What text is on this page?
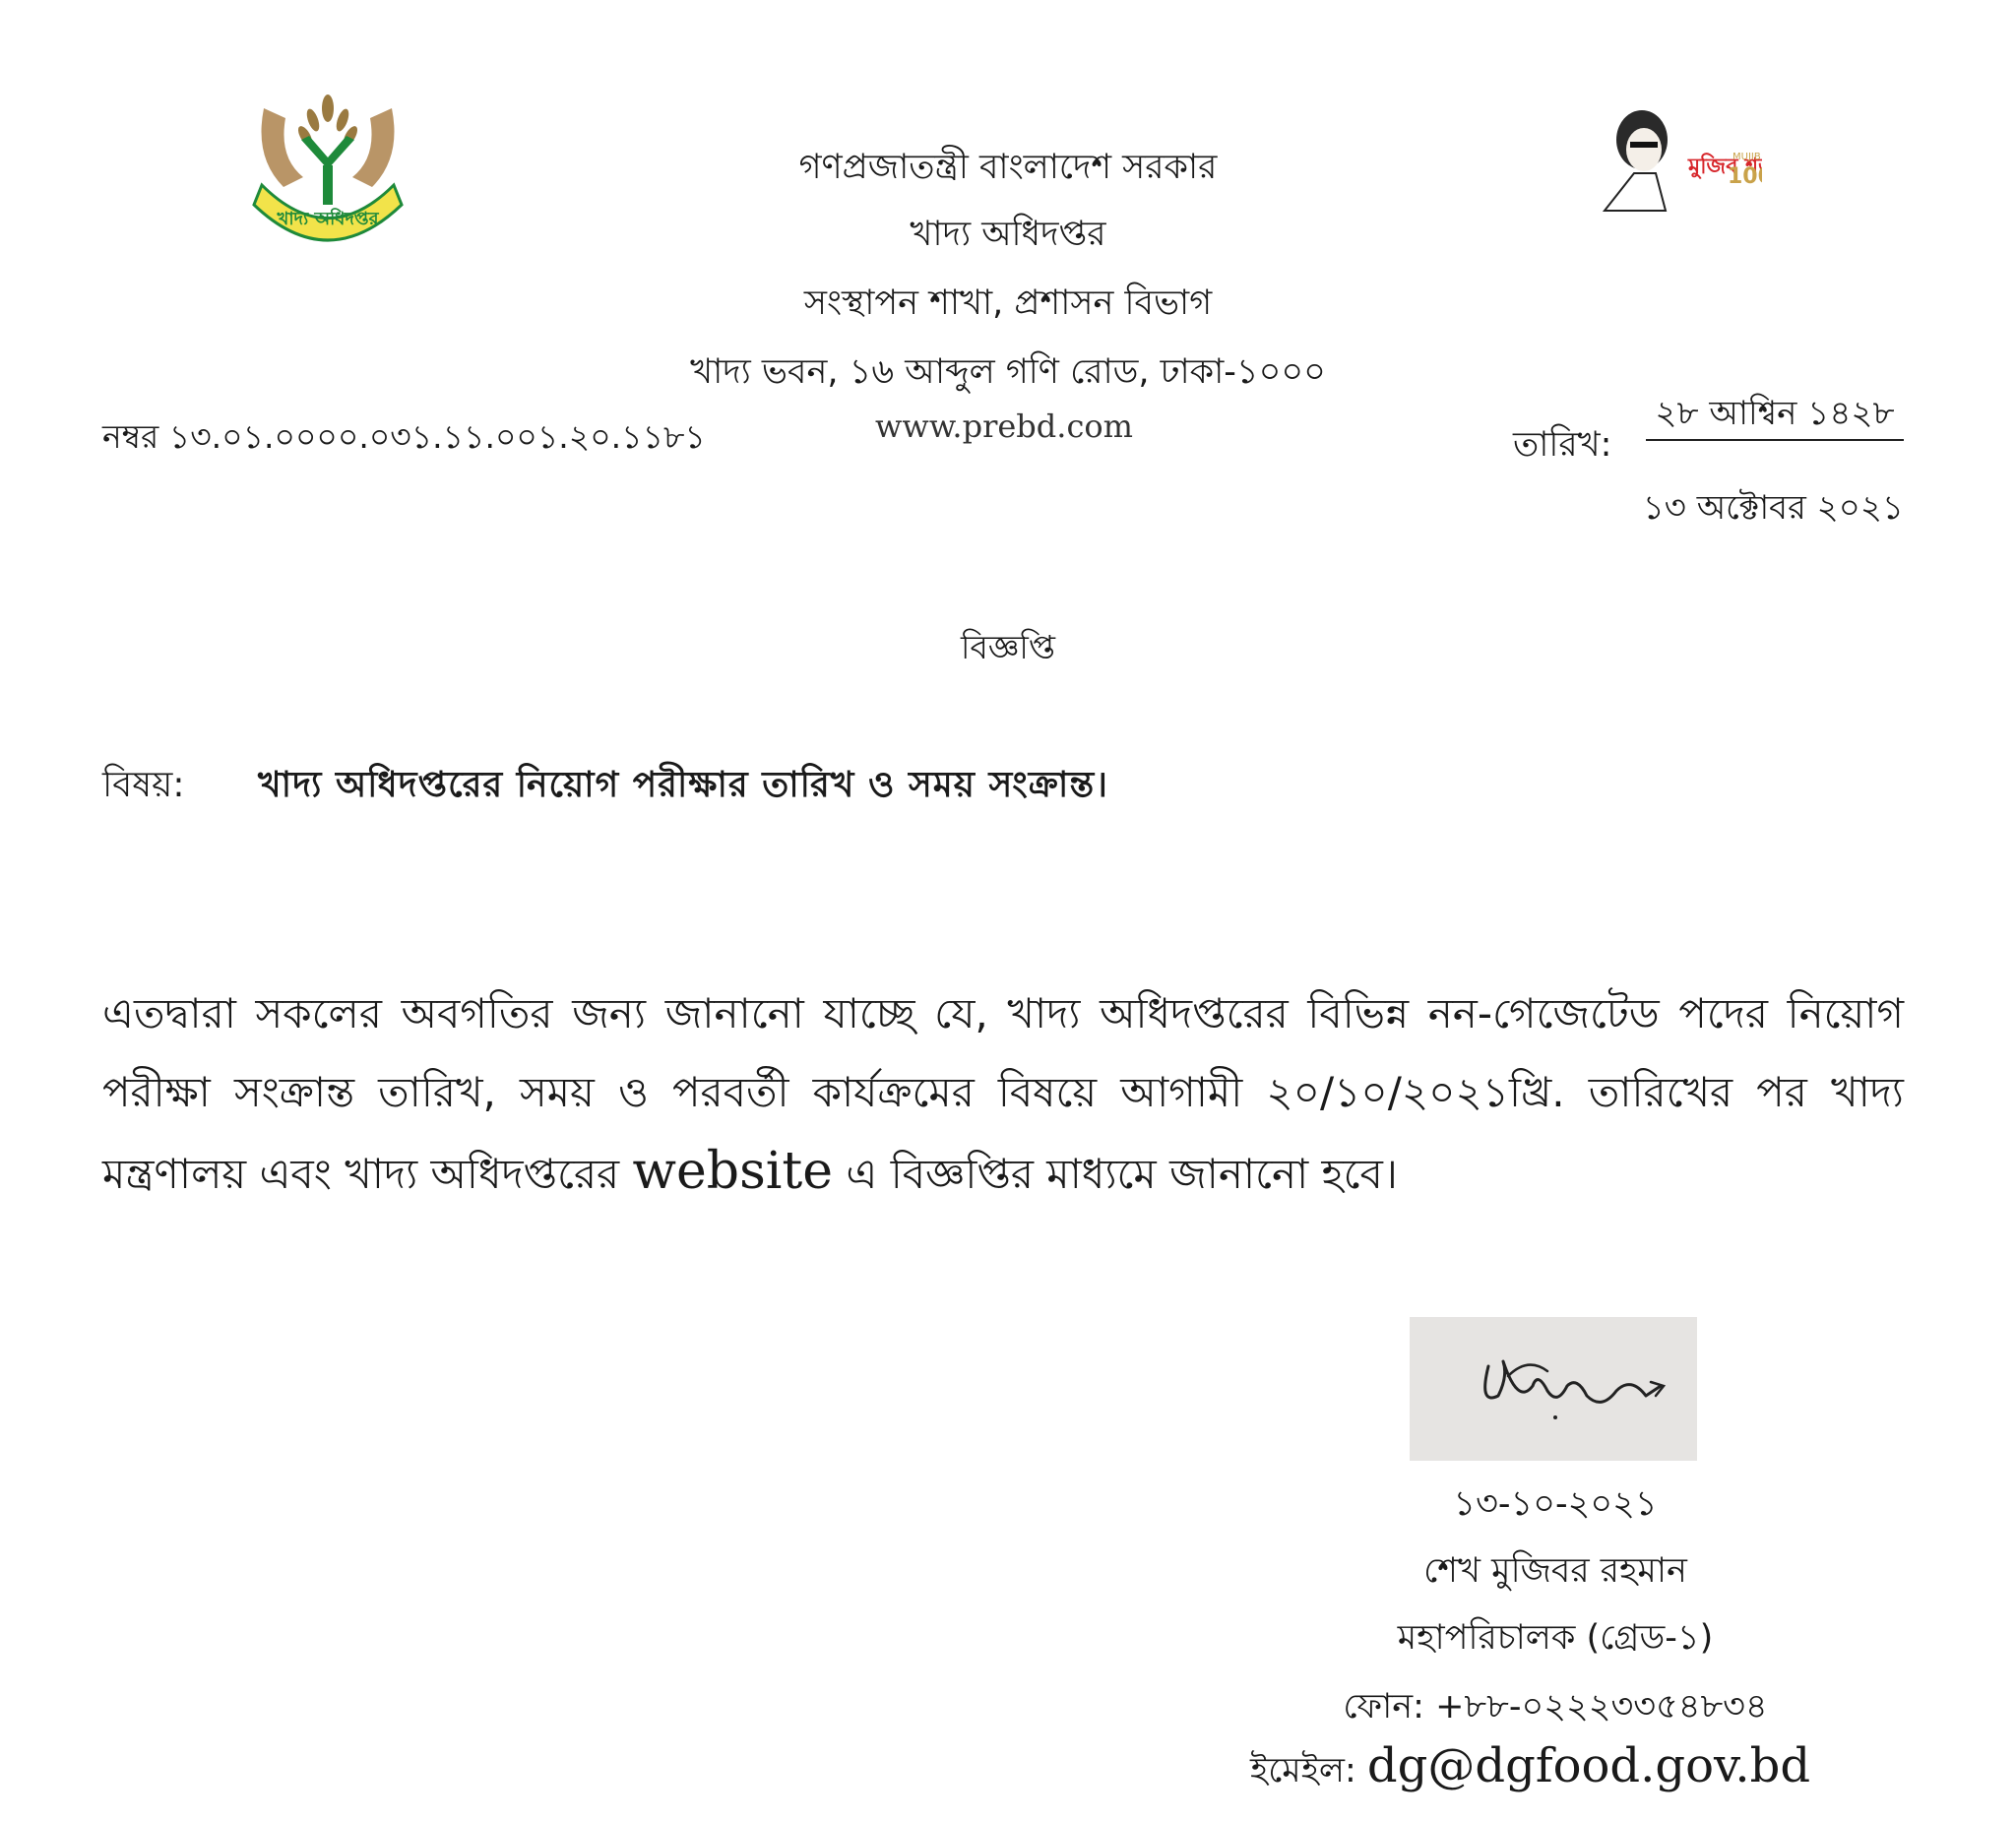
খাদ্য অধিদপ্তর
মুজিব শ
MUJIB
10
গণপ্রজাতন্ত্রী বাংলাদেশ সরকার
খাদ্য অধিদপ্তর
সংস্থাপন শাখা, প্রশাসন বিভাগ
খাদ্য ভবন, ১৬ আব্দুল গণি রোড, ঢাকা-১০০০
নম্বর ১৩.০১.০০০০.০৩১.১১.০০১.২০.১১৮১	www.prebd.com	তারিখ:
২৮ আশ্বিন ১৪২৮
১৩ অক্টোবর ২০২১
বিজ্ঞপ্তি
বিষয়: খাদ্য অধিদপ্তরের নিয়োগ পরীক্ষার তারিখ ও সময় সংক্রান্ত।
এতদ্বারা সকলের অবগতির জন্য জানানো যাচ্ছে যে, খাদ্য অধিদপ্তরের বিভিন্ন নন-গেজেটেড পদের নিয়োগ পরীক্ষা সংক্রান্ত তারিখ, সময় ও পরবর্তী কার্যক্রমের বিষয়ে আগামী ২০/১০/২০২১খ্রি. তারিখের পর খাদ্য মন্ত্রণালয় এবং খাদ্য অধিদপ্তরের website এ বিজ্ঞপ্তির মাধ্যমে জানানো হবে।
১৩-১০-২০২১
শেখ মুজিবর রহমান
মহাপরিচালক (গ্রেড-১)
ফোন: +৮৮-০২২২৩৩৫৪৮৩৪
ইমেইল: dg@dgfood.gov.bd
